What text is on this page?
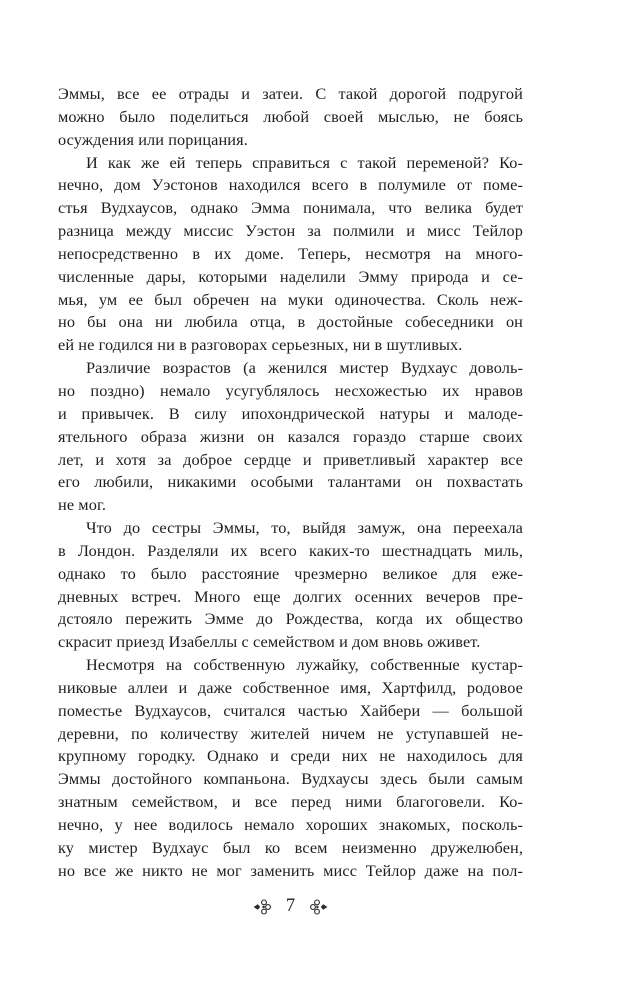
Эммы, все ее отрады и затеи. С такой дорогой подругой
можно было поделиться любой своей мыслью, не боясь
осуждения или порицания.
И как же ей теперь справиться с такой переменой? Ко-
нечно, дом Уэстонов находился всего в полумиле от поме-
стья Вудхаусов, однако Эмма понимала, что велика будет
разница между миссис Уэстон за полмили и мисс Тейлор
непосредственно в их доме. Теперь, несмотря на много-
численные дары, которыми наделили Эмму природа и се-
мья, ум ее был обречен на муки одиночества. Сколь неж-
но бы она ни любила отца, в достойные собеседники он
ей не годился ни в разговорах серьезных, ни в шутливых.
Различие возрастов (а женился мистер Вудхаус доволь-
но поздно) немало усугублялось несхожестью их нравов
и привычек. В силу ипохондрической натуры и малоде-
ятельного образа жизни он казался гораздо старше своих
лет, и хотя за доброе сердце и приветливый характер все
его любили, никакими особыми талантами он похвастать
не мог.
Что до сестры Эммы, то, выйдя замуж, она переехала
в Лондон. Разделяли их всего каких-то шестнадцать миль,
однако то было расстояние чрезмерно великое для еже-
дневных встреч. Много еще долгих осенних вечеров пре-
дстояло пережить Эмме до Рождества, когда их общество
скрасит приезд Изабеллы с семейством и дом вновь оживет.
Несмотря на собственную лужайку, собственные кустар-
никовые аллеи и даже собственное имя, Хартфилд, родовое
поместье Вудхаусов, считался частью Хайбери — большой
деревни, по количеству жителей ничем не уступавшей не-
крупному городку. Однако и среди них не находилось для
Эммы достойного компаньона. Вудхаусы здесь были самым
знатным семейством, и все перед ними благоговели. Ко-
нечно, у нее водилось немало хороших знакомых, посколь-
ку мистер Вудхаус был ко всем неизменно дружелюбен,
но все же никто не мог заменить мисс Тейлор даже на пол-
7
